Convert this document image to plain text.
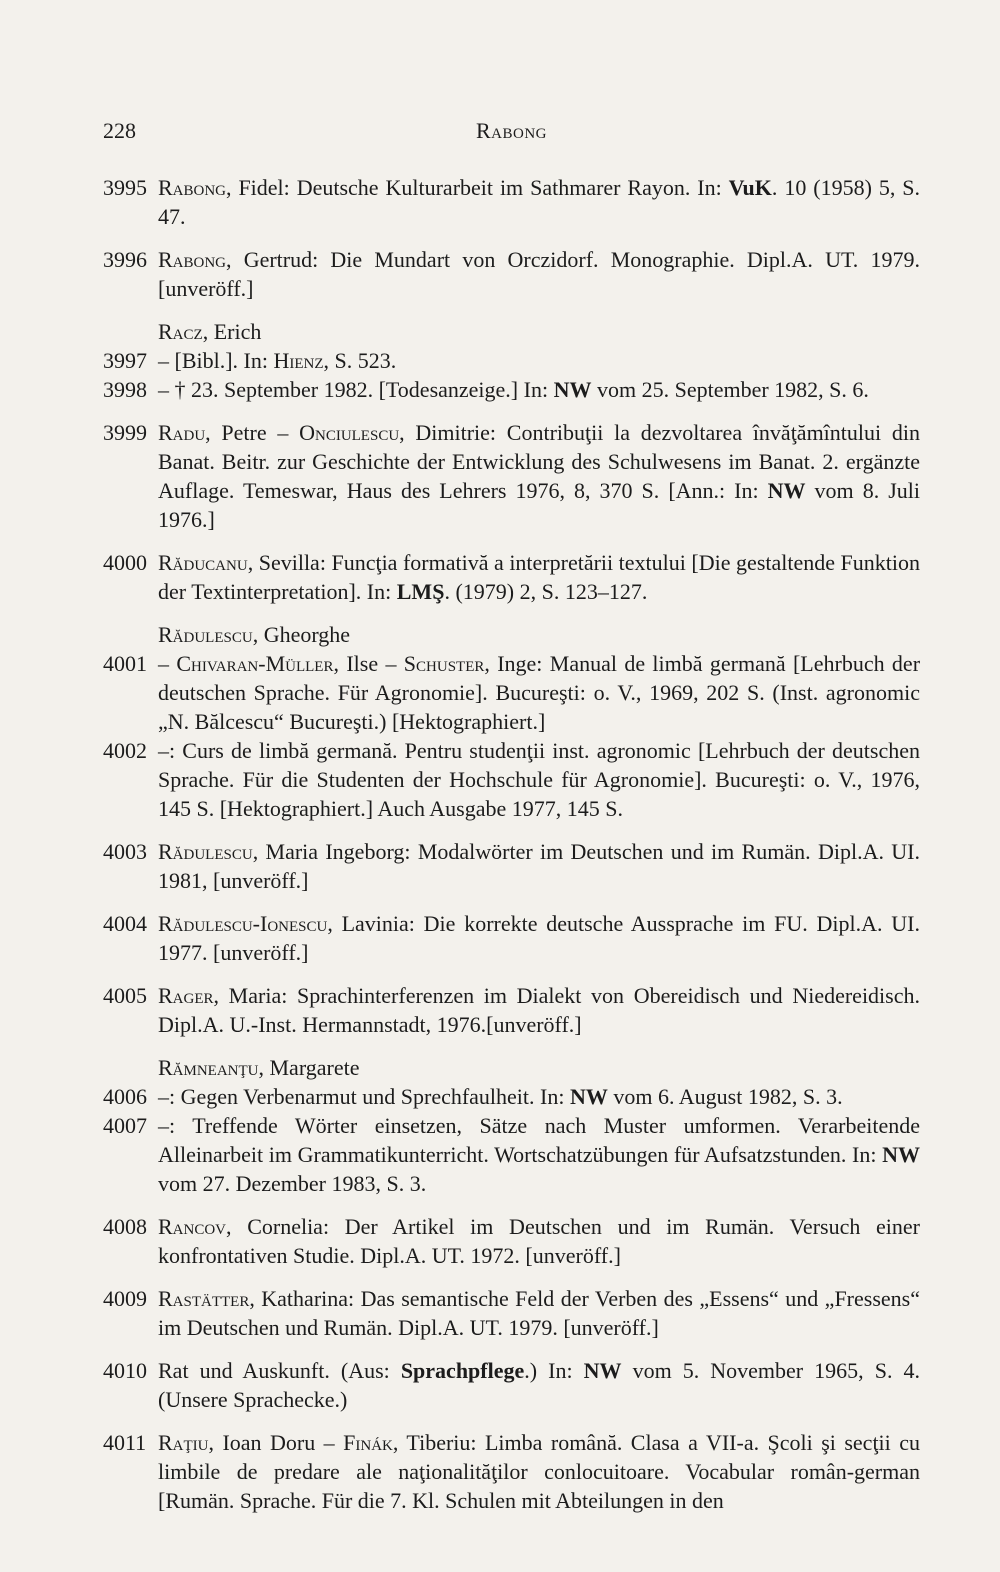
228	Rabong
3995 Rabong, Fidel: Deutsche Kulturarbeit im Sathmarer Rayon. In: VuK. 10 (1958) 5, S. 47.
3996 Rabong, Gertrud: Die Mundart von Orczidorf. Monographie. Dipl.A. UT. 1979. [unveröff.]
Racz, Erich
3997 – [Bibl.]. In: Hienz, S. 523.
3998 – † 23. September 1982. [Todesanzeige.] In: NW vom 25. September 1982, S. 6.
3999 Radu, Petre – Onciulescu, Dimitrie: Contribuţii la dezvoltarea învăţămîntului din Banat. Beitr. zur Geschichte der Entwicklung des Schulwesens im Banat. 2. ergänzte Auflage. Temeswar, Haus des Lehrers 1976, 8, 370 S. [Ann.: In: NW vom 8. Juli 1976.]
4000 Răducanu, Sevilla: Funcţia formativă a interpretării textului [Die gestaltende Funktion der Textinterpretation]. In: LMŞ. (1979) 2, S. 123–127.
Rădulescu, Gheorghe
4001 – Chivaran-Müller, Ilse – Schuster, Inge: Manual de limbă germană [Lehrbuch der deutschen Sprache. Für Agronomie]. Bucureşti: o. V., 1969, 202 S. (Inst. agronomic „N. Bălcescu“ Bucureşti.) [Hektographiert.]
4002 –: Curs de limbă germană. Pentru studenţii inst. agronomic [Lehrbuch der deutschen Sprache. Für die Studenten der Hochschule für Agronomie]. Bucureşti: o. V., 1976, 145 S. [Hektographiert.] Auch Ausgabe 1977, 145 S.
4003 Rădulescu, Maria Ingeborg: Modalwörter im Deutschen und im Rumän. Dipl.A. UI. 1981, [unveröff.]
4004 Rădulescu-Ionescu, Lavinia: Die korrekte deutsche Aussprache im FU. Dipl.A. UI. 1977. [unveröff.]
4005 Rager, Maria: Sprachinterferenzen im Dialekt von Obereidisch und Niedereidisch. Dipl.A. U.-Inst. Hermannstadt, 1976.[unveröff.]
Rămneanţu, Margarete
4006 –: Gegen Verbenarmut und Sprechfaulheit. In: NW vom 6. August 1982, S. 3.
4007 –: Treffende Wörter einsetzen, Sätze nach Muster umformen. Verarbeitende Alleinarbeit im Grammatikunterricht. Wortschatzübungen für Aufsatzstunden. In: NW vom 27. Dezember 1983, S. 3.
4008 Rancov, Cornelia: Der Artikel im Deutschen und im Rumän. Versuch einer konfrontativen Studie. Dipl.A. UT. 1972. [unveröff.]
4009 Rastätter, Katharina: Das semantische Feld der Verben des „Essens“ und „Fressens“ im Deutschen und Rumän. Dipl.A. UT. 1979. [unveröff.]
4010 Rat und Auskunft. (Aus: Sprachpflege.) In: NW vom 5. November 1965, S. 4. (Unsere Sprachecke.)
4011 Raţiu, Ioan Doru – Finák, Tiberiu: Limba română. Clasa a VII-a. Şcoli şi secţii cu limbile de predare ale naţionalităţilor conlocuitoare. Vocabular român-german [Rumän. Sprache. Für die 7. Kl. Schulen mit Abteilungen in den
